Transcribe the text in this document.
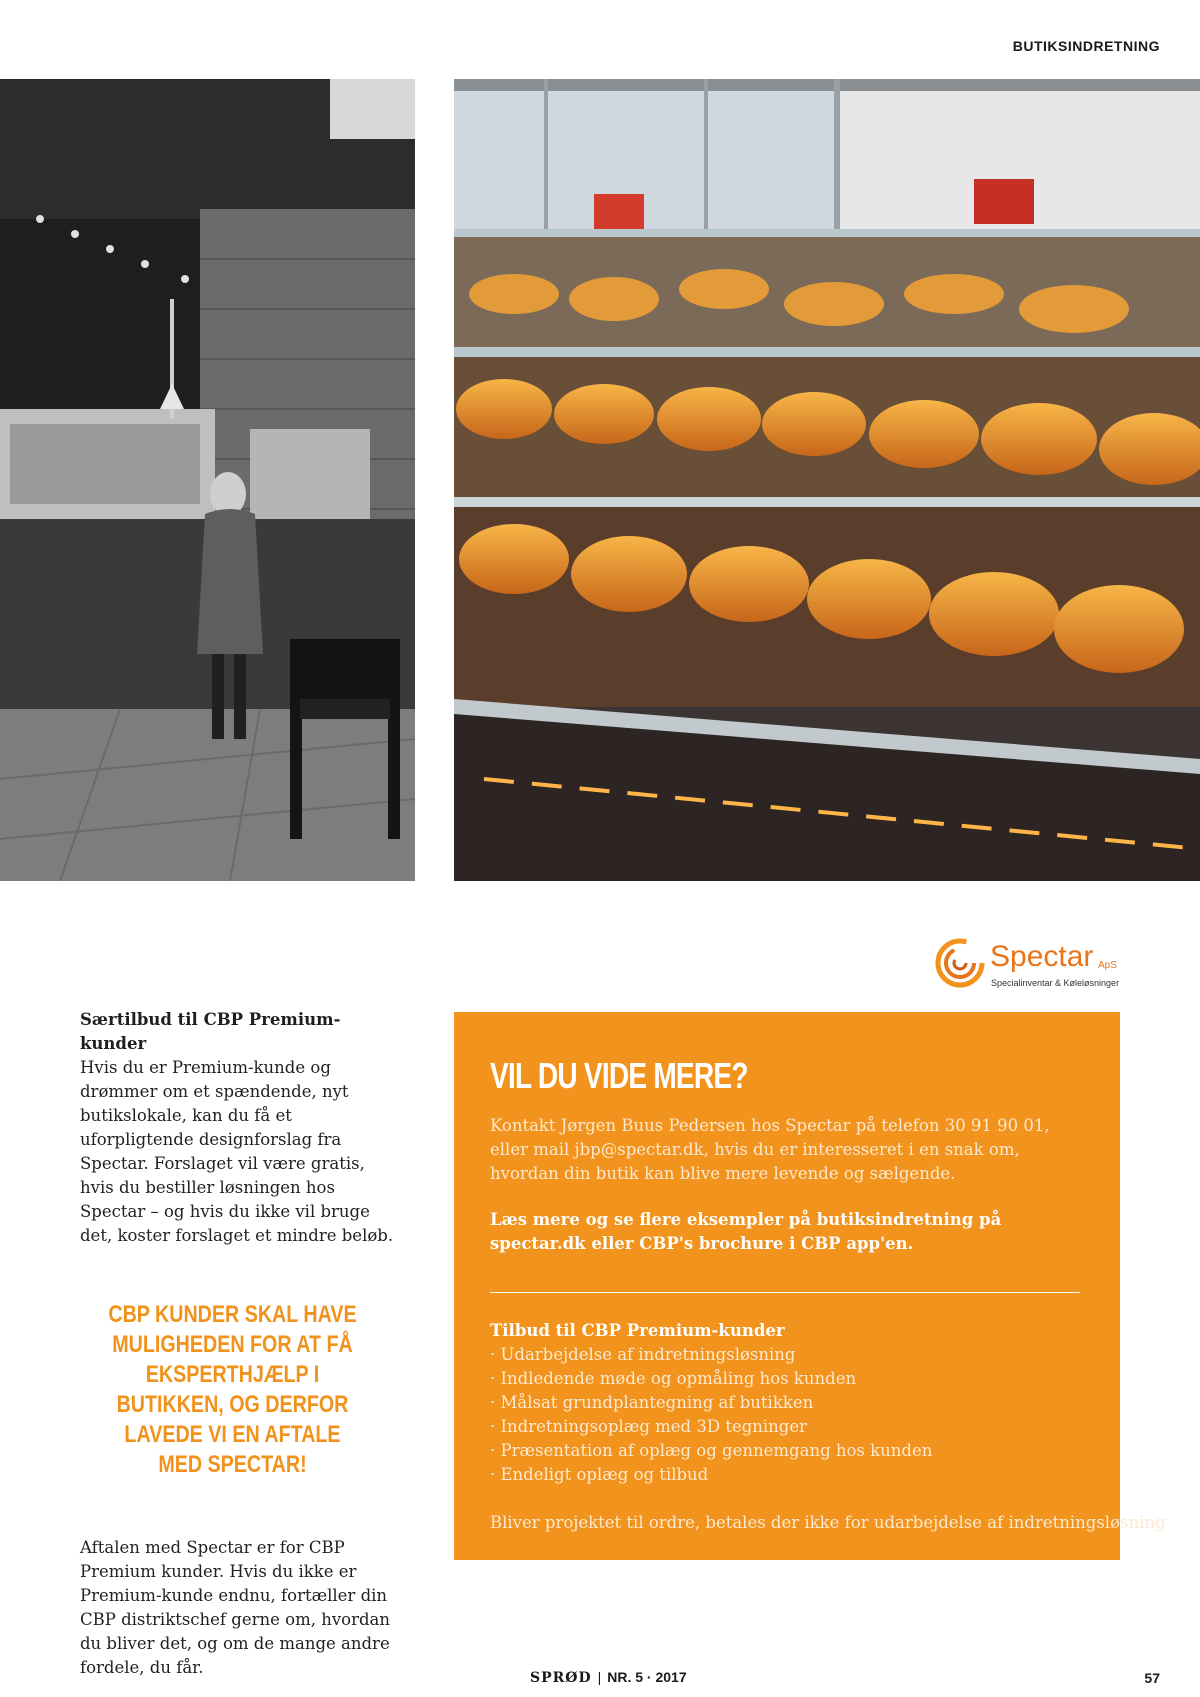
BUTIKSINDRETNING
Spectar ApS
Specialinventar & Køleløsninger
Særtilbud til CBP Premium-kunder
Hvis du er Premium-kunde og drømmer om et spændende, nyt butikslokale, kan du få et uforpligtende designforslag fra Spectar. Forslaget vil være gratis, hvis du bestiller løsningen hos Spectar – og hvis du ikke vil bruge det, koster forslaget et mindre beløb.
CBP KUNDER SKAL HAVE MULIGHEDEN FOR AT FÅ EKSPERTHJÆLP I BUTIKKEN, OG DERFOR LAVEDE VI EN AFTALE MED SPECTAR!
Aftalen med Spectar er for CBP Premium kunder. Hvis du ikke er Premium-kunde endnu, fortæller din CBP distriktschef gerne om, hvordan du bliver det, og om de mange andre fordele, du får.
VIL DU VIDE MERE?
Kontakt Jørgen Buus Pedersen hos Spectar på telefon 30 91 90 01, eller mail jbp@spectar.dk, hvis du er interesseret i en snak om, hvordan din butik kan blive mere levende og sælgende.
Læs mere og se flere eksempler på butiksindretning på spectar.dk eller CBP's brochure i CBP app'en.
Tilbud til CBP Premium-kunder
· Udarbejdelse af indretningsløsning
· Indledende møde og opmåling hos kunden
· Målsat grundplantegning af butikken
· Indretningsoplæg med 3D tegninger
· Præsentation af oplæg og gennemgang hos kunden
· Endeligt oplæg og tilbud
Bliver projektet til ordre, betales der ikke for udarbejdelse af indretningsløsning
SPRØD | NR. 5 · 2017	57
